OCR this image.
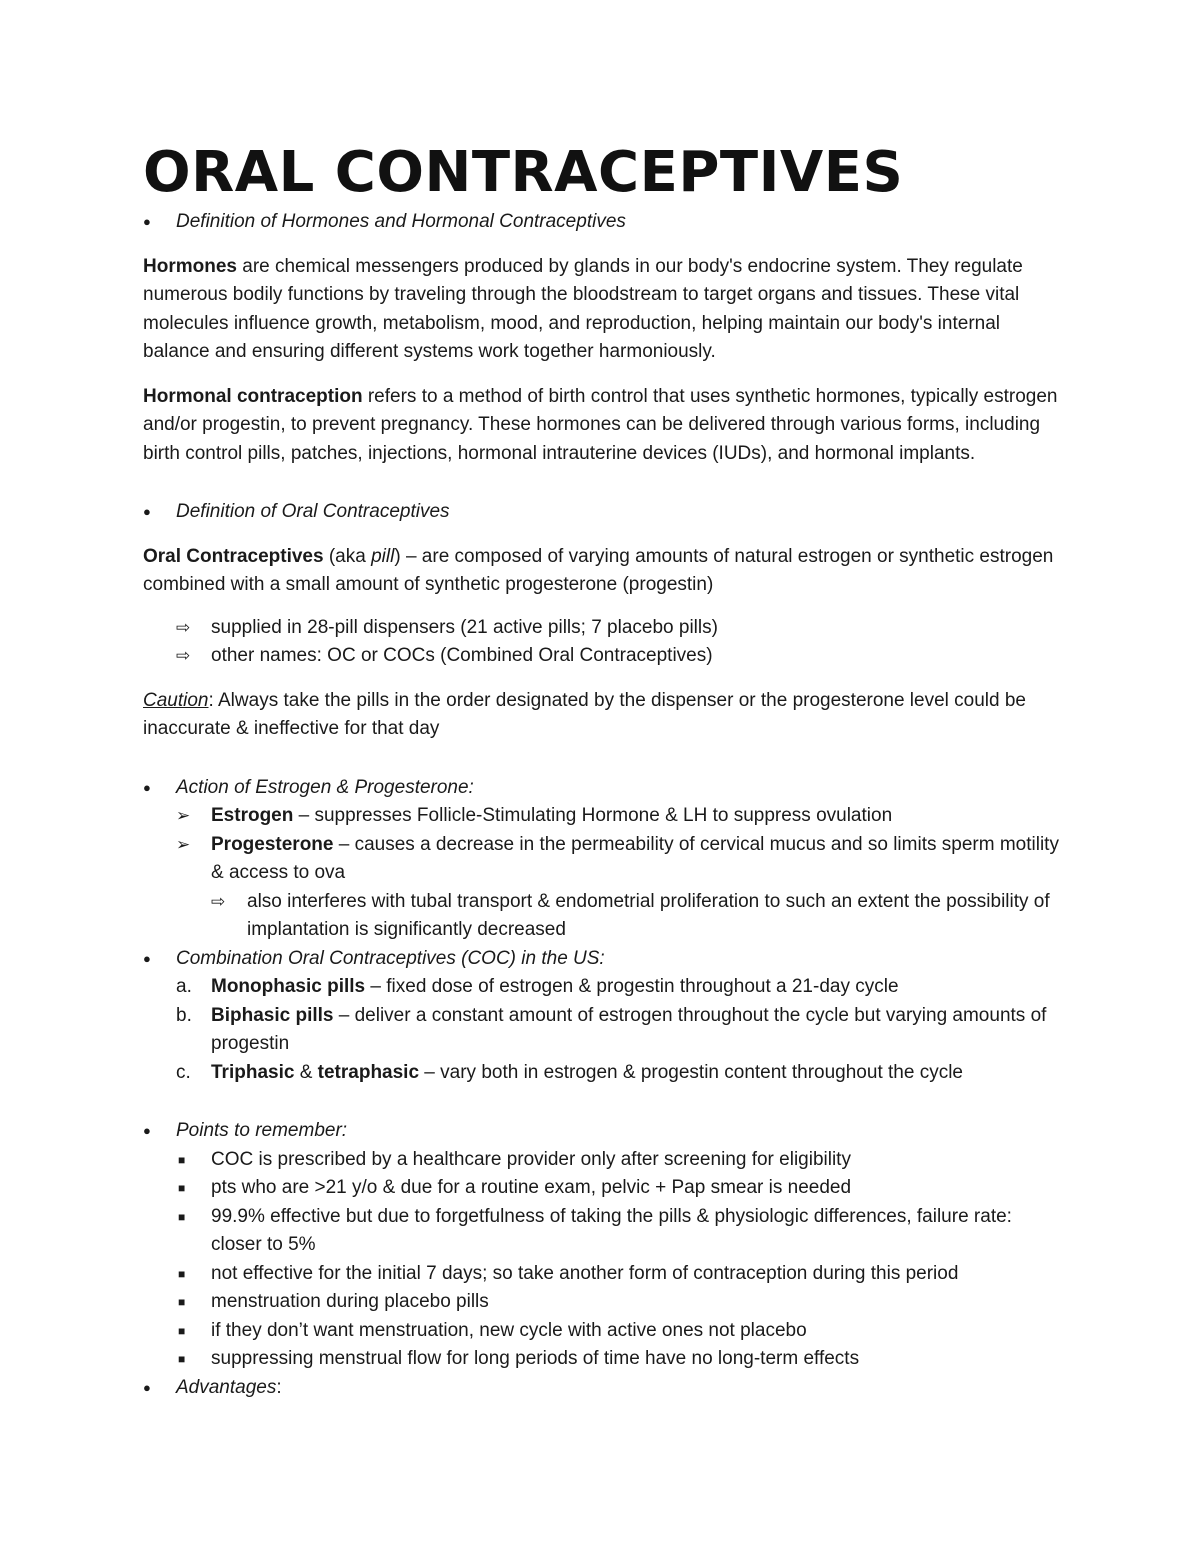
ORAL CONTRACEPTIVES
● Definition of Hormones and Hormonal Contraceptives

Hormones are chemical messengers produced by glands in our body's endocrine system. They regulate numerous bodily functions by traveling through the bloodstream to target organs and tissues. These vital molecules influence growth, metabolism, mood, and reproduction, helping maintain our body's internal balance and ensuring different systems work together harmoniously.

Hormonal contraception refers to a method of birth control that uses synthetic hormones, typically estrogen and/or progestin, to prevent pregnancy. These hormones can be delivered through various forms, including birth control pills, patches, injections, hormonal intrauterine devices (IUDs), and hormonal implants.

● Definition of Oral Contraceptives

Oral Contraceptives (aka pill) – are composed of varying amounts of natural estrogen or synthetic estrogen combined with a small amount of synthetic progesterone (progestin)

⇨ supplied in 28-pill dispensers (21 active pills; 7 placebo pills)
⇨ other names: OC or COCs (Combined Oral Contraceptives)

Caution: Always take the pills in the order designated by the dispenser or the progesterone level could be inaccurate & ineffective for that day

● Action of Estrogen & Progesterone:
➢ Estrogen – suppresses Follicle-Stimulating Hormone & LH to suppress ovulation
➢ Progesterone – causes a decrease in the permeability of cervical mucus and so limits sperm motility & access to ova
⇨ also interferes with tubal transport & endometrial proliferation to such an extent the possibility of implantation is significantly decreased
● Combination Oral Contraceptives (COC) in the US:
a. Monophasic pills – fixed dose of estrogen & progestin throughout a 21-day cycle
b. Biphasic pills – deliver a constant amount of estrogen throughout the cycle but varying amounts of progestin
c. Triphasic & tetraphasic – vary both in estrogen & progestin content throughout the cycle
● Points to remember:
■ COC is prescribed by a healthcare provider only after screening for eligibility
■ pts who are >21 y/o & due for a routine exam, pelvic + Pap smear is needed
■ 99.9% effective but due to forgetfulness of taking the pills & physiologic differences, failure rate: closer to 5%
■ not effective for the initial 7 days; so take another form of contraception during this period
■ menstruation during placebo pills
■ if they don’t want menstruation, new cycle with active ones not placebo
■ suppressing menstrual flow for long periods of time have no long-term effects
● Advantages:
